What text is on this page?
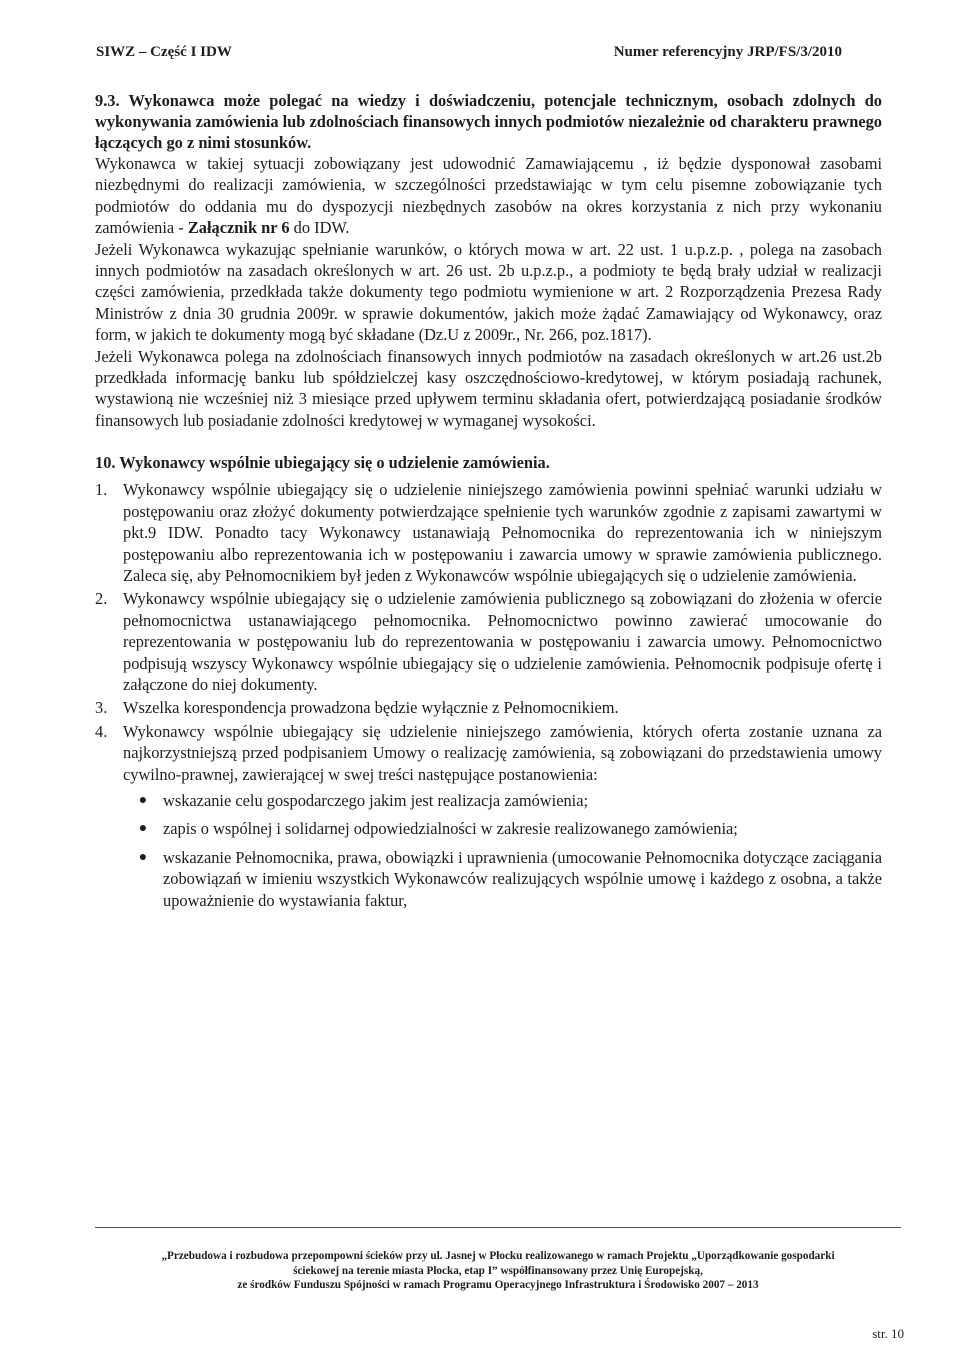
SIWZ – Część I IDW	Numer referencyjny JRP/FS/3/2010

9.3. Wykonawca może polegać na wiedzy i doświadczeniu, potencjale technicznym, osobach zdolnych do wykonywania zamówienia lub zdolnościach finansowych innych podmiotów niezależnie od charakteru prawnego łączących go z nimi stosunków.

Wykonawca w takiej sytuacji zobowiązany jest udowodnić Zamawiającemu , iż będzie dysponował zasobami niezbędnymi do realizacji zamówienia, w szczególności przedstawiając w tym celu pisemne zobowiązanie tych podmiotów do oddania mu do dyspozycji niezbędnych zasobów na okres korzystania z nich przy wykonaniu zamówienia - Załącznik nr 6 do IDW.

Jeżeli Wykonawca wykazując spełnianie warunków, o których mowa w art. 22 ust. 1 u.p.z.p. , polega na zasobach innych podmiotów na zasadach określonych w art. 26 ust. 2b u.p.z.p., a podmioty te będą brały udział w realizacji części zamówienia, przedkłada także dokumenty tego podmiotu wymienione w art. 2 Rozporządzenia Prezesa Rady Ministrów z dnia 30 grudnia 2009r. w sprawie dokumentów, jakich może żądać Zamawiający od Wykonawcy, oraz form, w jakich te dokumenty mogą być składane (Dz.U z 2009r., Nr. 266, poz.1817).

Jeżeli Wykonawca polega na zdolnościach finansowych innych podmiotów na zasadach określonych w art.26 ust.2b przedkłada informację banku lub spółdzielczej kasy oszczędnościowo-kredytowej, w którym posiadają rachunek, wystawioną nie wcześniej niż 3 miesiące przed upływem terminu składania ofert, potwierdzającą posiadanie środków finansowych lub posiadanie zdolności kredytowej w wymaganej wysokości.

10. Wykonawcy wspólnie ubiegający się o udzielenie zamówienia.
1. Wykonawcy wspólnie ubiegający się o udzielenie niniejszego zamówienia powinni spełniać warunki udziału w postępowaniu oraz złożyć dokumenty potwierdzające spełnienie tych warunków zgodnie z zapisami zawartymi w pkt.9 IDW. Ponadto tacy Wykonawcy ustanawiają Pełnomocnika do reprezentowania ich w niniejszym postępowaniu albo reprezentowania ich w postępowaniu i zawarcia umowy w sprawie zamówienia publicznego. Zaleca się, aby Pełnomocnikiem był jeden z Wykonawców wspólnie ubiegających się o udzielenie zamówienia.
2. Wykonawcy wspólnie ubiegający się o udzielenie zamówienia publicznego są zobowiązani do złożenia w ofercie pełnomocnictwa ustanawiającego pełnomocnika. Pełnomocnictwo powinno zawierać umocowanie do reprezentowania w postępowaniu lub do reprezentowania w postępowaniu i zawarcia umowy. Pełnomocnictwo podpisują wszyscy Wykonawcy wspólnie ubiegający się o udzielenie zamówienia. Pełnomocnik podpisuje ofertę i załączone do niej dokumenty.
3. Wszelka korespondencja prowadzona będzie wyłącznie z Pełnomocnikiem.
4. Wykonawcy wspólnie ubiegający się udzielenie niniejszego zamówienia, których oferta zostanie uznana za najkorzystniejszą przed podpisaniem Umowy o realizację zamówienia, są zobowiązani do przedstawienia umowy cywilno-prawnej, zawierającej w swej treści następujące postanowienia:
● wskazanie celu gospodarczego jakim jest realizacja zamówienia;
● zapis o wspólnej i solidarnej odpowiedzialności w zakresie realizowanego zamówienia;
● wskazanie Pełnomocnika, prawa, obowiązki i uprawnienia (umocowanie Pełnomocnika dotyczące zaciągania zobowiązań w imieniu wszystkich Wykonawców realizujących wspólnie umowę i każdego z osobna, a także upoważnienie do wystawiania faktur,
„Przebudowa i rozbudowa przepompowni ścieków przy ul. Jasnej w Płocku realizowanego w ramach Projektu „Uporządkowanie gospodarki
ściekowej na terenie miasta Płocka, etap I” współfinansowany przez Unię Europejską,
ze środków Funduszu Spójności w ramach Programu Operacyjnego Infrastruktura i Środowisko 2007 – 2013
str. 10
